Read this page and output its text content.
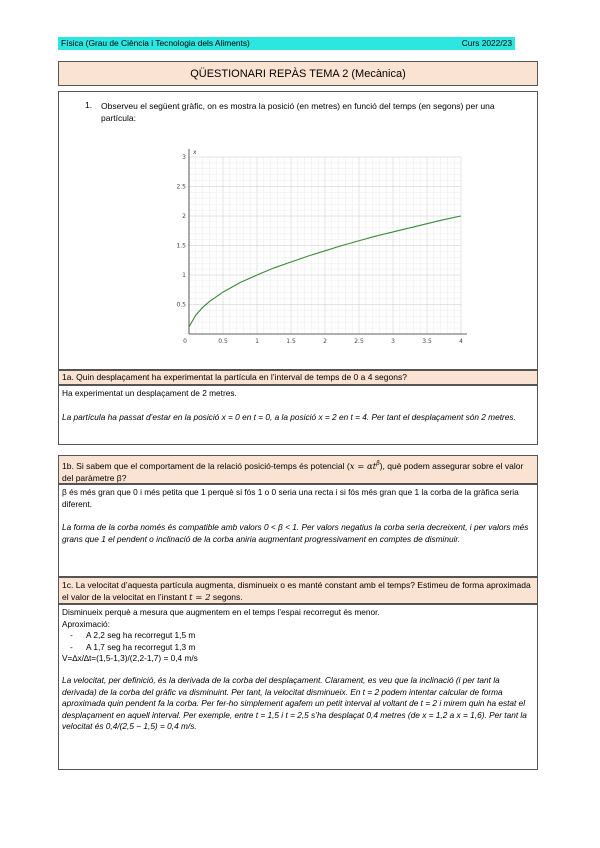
Física (Grau de Ciència i Tecnologia dels Aliments)	Curs 2022/23
QÜESTIONARI REPÀS TEMA 2 (Mecànica)
1. Observeu el següent gràfic, on es mostra la posició (en metres) en funció del temps (en segons) per una partícula:
0	0.5	1	1.5	2	2.5	3	3.5	4
0.5
1
1.5
2
2.5
3
x
1a. Quin desplaçament ha experimentat la partícula en l’interval de temps de 0 a 4 segons?

Ha experimentat un desplaçament de 2 metres.

La partícula ha passat d’estar en la posició x = 0 en t = 0, a la posició x = 2 en t = 4. Per tant el desplaçament són 2 metres.

1b. Si sabem que el comportament de la relació posició-temps és potencial $(x = \alpha t^\beta)$, què podem assegurar sobre el valor del paràmetre β?

β és més gran que 0 i més petita que 1 perquè si fós 1 o 0 seria una recta i si fós més gran que 1 la corba de la gràfica seria diferent.

La forma de la corba només és compatible amb valors 0 < β < 1. Per valors negatius la corba seria decreixent, i per valors més grans que 1 el pendent o inclinació de la corba aniria augmentant progressivament en comptes de disminuir.

1c. La velocitat d’aquesta partícula augmenta, disminueix o es manté constant amb el temps? Estimeu de forma aproximada el valor de la velocitat en l’instant t = 2 segons.

Disminueix perquè a mesura que augmentem en el temps l’espai recorregut és menor.

Aproximació:

- A 2,2 seg ha recorregut 1,5 m
- A 1,7 seg ha recorregut 1,3 m

V=∆x/∆t=(1,5-1,3)/(2,2-1,7) = 0,4 m/s

La velocitat, per definició, és la derivada de la corba del desplaçament. Clarament, es veu que la inclinació (i per tant la derivada) de la corba del gràfic va disminuint. Per tant, la velocitat disminueix. En t = 2 podem intentar calcular de forma aproximada quin pendent fa la corba. Per fer-ho simplement agafem un petit interval al voltant de t = 2 i mirem quin ha estat el desplaçament en aquell interval. Per exemple, entre t = 1,5 i t = 2,5 s’ha desplaçat 0,4 metres (de x = 1,2 a x = 1,6). Per tant la velocitat és 0,4/(2,5 − 1,5) = 0,4 m/s.
